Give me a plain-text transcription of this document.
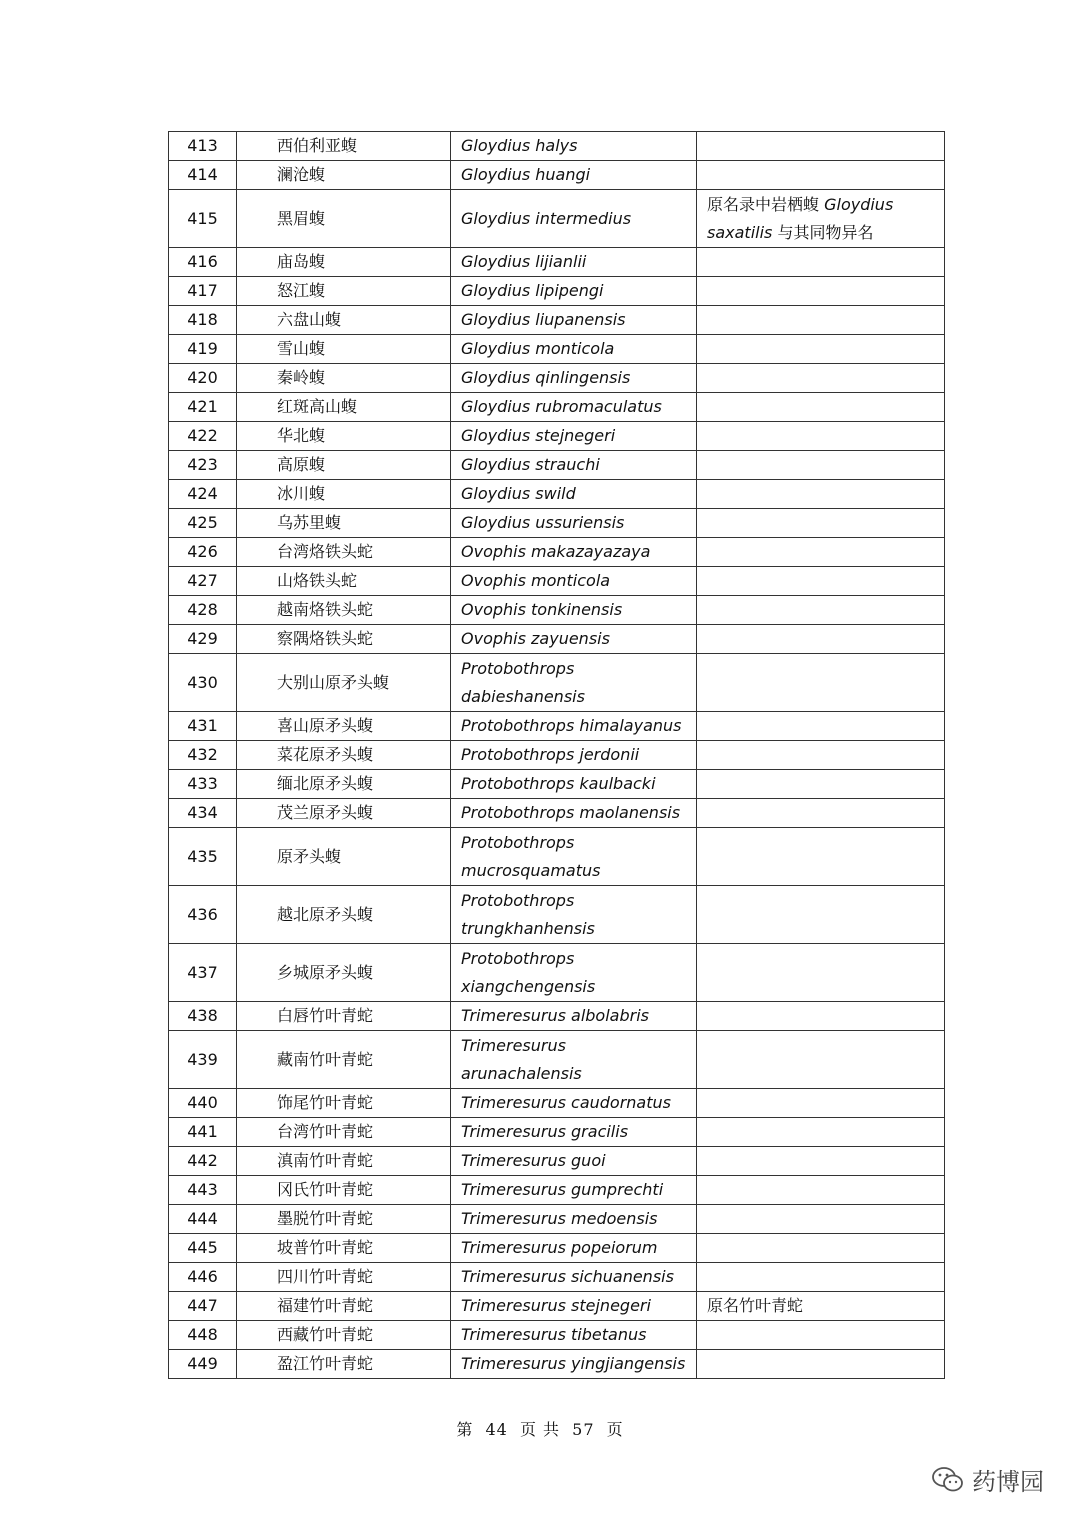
413	西伯利亚蝮	Gloydius halys	

414	澜沧蝮	Gloydius huangi	

415	黑眉蝮	Gloydius intermedius	原名录中岩栖蝮 Gloydius
saxatilis 与其同物异名

416	庙岛蝮	Gloydius lijianlii	

417	怒江蝮	Gloydius lipipengi	

418	六盘山蝮	Gloydius liupanensis	

419	雪山蝮	Gloydius monticola	

420	秦岭蝮	Gloydius qinlingensis	

421	红斑高山蝮	Gloydius rubromaculatus	

422	华北蝮	Gloydius stejnegeri	

423	高原蝮	Gloydius strauchi	

424	冰川蝮	Gloydius swild	

425	乌苏里蝮	Gloydius ussuriensis	

426	台湾烙铁头蛇	Ovophis makazayazaya	

427	山烙铁头蛇	Ovophis monticola	

428	越南烙铁头蛇	Ovophis tonkinensis	

429	察隅烙铁头蛇	Ovophis zayuensis	

430	大别山原矛头蝮	Protobothrops
dabieshanensis	

431	喜山原矛头蝮	Protobothrops himalayanus	

432	菜花原矛头蝮	Protobothrops jerdonii	

433	缅北原矛头蝮	Protobothrops kaulbacki	

434	茂兰原矛头蝮	Protobothrops maolanensis	

435	原矛头蝮	Protobothrops
mucrosquamatus	

436	越北原矛头蝮	Protobothrops
trungkhanhensis	

437	乡城原矛头蝮	Protobothrops
xiangchengensis	

438	白唇竹叶青蛇	Trimeresurus albolabris	

439	藏南竹叶青蛇	Trimeresurus
arunachalensis	

440	饰尾竹叶青蛇	Trimeresurus caudornatus	

441	台湾竹叶青蛇	Trimeresurus gracilis	

442	滇南竹叶青蛇	Trimeresurus guoi	

443	冈氏竹叶青蛇	Trimeresurus gumprechti	

444	墨脱竹叶青蛇	Trimeresurus medoensis	

445	坡普竹叶青蛇	Trimeresurus popeiorum	

446	四川竹叶青蛇	Trimeresurus sichuanensis	

447	福建竹叶青蛇	Trimeresurus stejnegeri	原名竹叶青蛇
448	西藏竹叶青蛇	Trimeresurus tibetanus	

449	盈江竹叶青蛇	Trimeresurus yingjiangensis	

第 44 页 共 57 页
药博园
